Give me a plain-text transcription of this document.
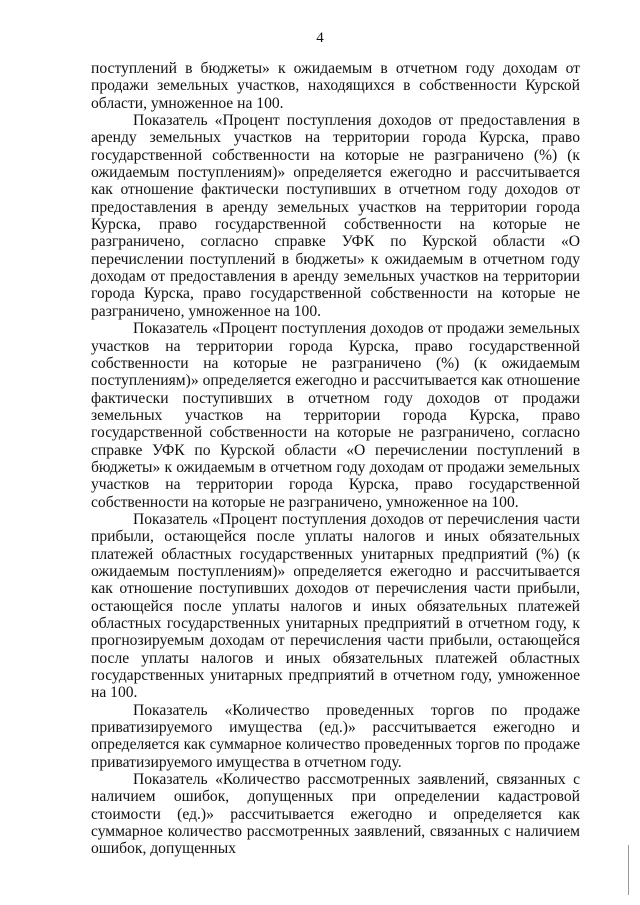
4

поступлений в бюджеты» к ожидаемым в отчетном году доходам от продажи земельных участков, находящихся в собственности Курской области, умноженное на 100.

Показатель «Процент поступления доходов от предоставления в аренду земельных участков на территории города Курска, право государственной собственности на которые не разграничено (%) (к ожидаемым поступлениям)» определяется ежегодно и рассчитывается как отношение фактически поступивших в отчетном году доходов от предоставления в аренду земельных участков на территории города Курска, право государственной собственности на которые не разграничено, согласно справке УФК по Курской области «О перечислении поступлений в бюджеты» к ожидаемым в отчетном году доходам от предоставления в аренду земельных участков на территории города Курска, право государственной собственности на которые не разграничено, умноженное на 100.

Показатель «Процент поступления доходов от продажи земельных участков на территории города Курска, право государственной собственности на которые не разграничено (%) (к ожидаемым поступлениям)» определяется ежегодно и рассчитывается как отношение фактически поступивших в отчетном году доходов от продажи земельных участков на территории города Курска, право государственной собственности на которые не разграничено, согласно справке УФК по Курской области «О перечислении поступлений в бюджеты» к ожидаемым в отчетном году доходам от продажи земельных участков на территории города Курска, право государственной собственности на которые не разграничено, умноженное на 100.

Показатель «Процент поступления доходов от перечисления части прибыли, остающейся после уплаты налогов и иных обязательных платежей областных государственных унитарных предприятий (%) (к ожидаемым поступлениям)» определяется ежегодно и рассчитывается как отношение поступивших доходов от перечисления части прибыли, остающейся после уплаты налогов и иных обязательных платежей областных государственных унитарных предприятий в отчетном году, к прогнозируемым доходам от перечисления части прибыли, остающейся после уплаты налогов и иных обязательных платежей областных государственных унитарных предприятий в отчетном году, умноженное на 100.

Показатель «Количество проведенных торгов по продаже приватизируемого имущества (ед.)» рассчитывается ежегодно и определяется как суммарное количество проведенных торгов по продаже приватизируемого имущества в отчетном году.

Показатель «Количество рассмотренных заявлений, связанных с наличием ошибок, допущенных при определении кадастровой стоимости (ед.)» рассчитывается ежегодно и определяется как суммарное количество рассмотренных заявлений, связанных с наличием ошибок, допущенных
